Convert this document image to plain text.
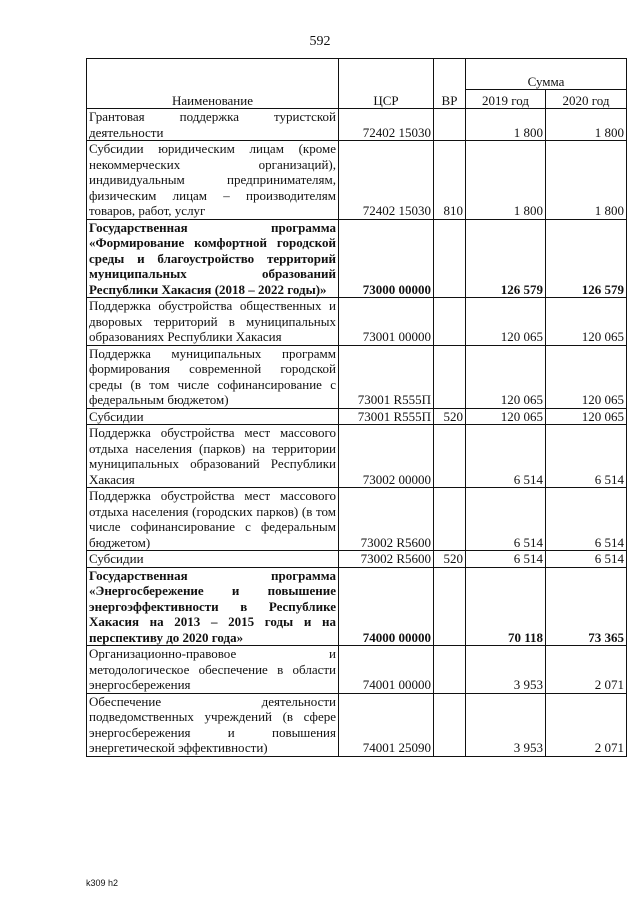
592
Наименование	ЦСР	ВР	Сумма	
			2019 год	2020 год
Грантовая поддержка туристской деятельности	72402 15030		1 800	1 800
Субсидии юридическим лицам (кроме некоммерческих организаций), индивидуальным предпринимателям, физическим лицам – производителям товаров, работ, услуг	72402 15030	810	1 800	1 800
Государственная программа «Формирование комфортной городской среды и благоустройство территорий муниципальных образований Республики Хакасия (2018 – 2022 годы)»	73000 00000		126 579	126 579
Поддержка обустройства общественных и дворовых территорий в муниципальных образованиях Республики Хакасия	73001 00000		120 065	120 065
Поддержка муниципальных программ формирования современной городской среды (в том числе софинансирование с федеральным бюджетом)	73001 R555П		120 065	120 065
Субсидии	73001 R555П	520	120 065	120 065
Поддержка обустройства мест массового отдыха населения (парков) на территории муниципальных образований Республики Хакасия	73002 00000		6 514	6 514
Поддержка обустройства мест массового отдыха населения (городских парков) (в том числе софинансирование с федеральным бюджетом)	73002 R5600		6 514	6 514
Субсидии	73002 R5600	520	6 514	6 514
Государственная программа «Энергосбережение и повышение энергоэффективности в Республике Хакасия на 2013 – 2015 годы и на перспективу до 2020 года»	74000 00000		70 118	73 365
Организационно-правовое и методологическое обеспечение в области энергосбережения	74001 00000		3 953	2 071
Обеспечение деятельности подведомственных учреждений (в сфере энергосбережения и повышения энергетической эффективности)	74001 25090		3 953	2 071
k309 h2
